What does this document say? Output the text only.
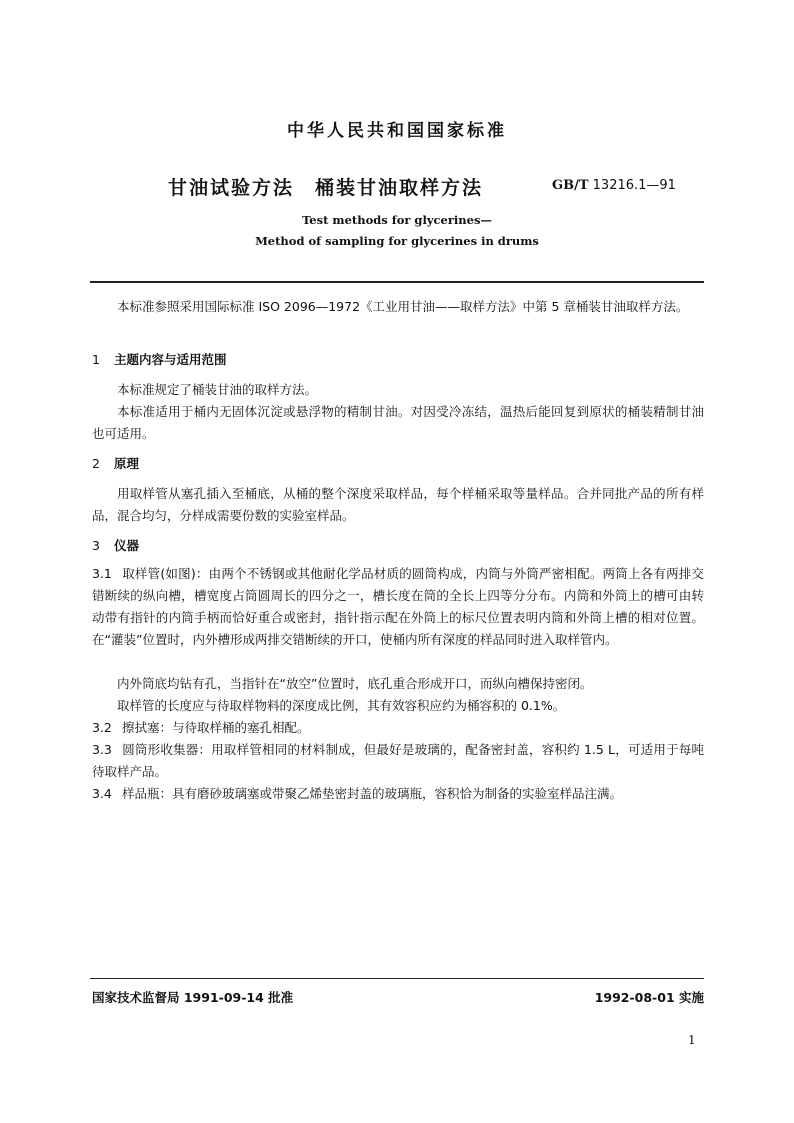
中华人民共和国国家标准
甘油试验方法　桶装甘油取样方法	GB/T 13216.1—91
Test methods for glycerines—
Method of sampling for glycerines in drums
本标准参照采用国际标准 ISO 2096—1972《工业用甘油——取样方法》中第 5 章桶装甘油取样方法。
1 主题内容与适用范围
本标准规定了桶装甘油的取样方法。
本标准适用于桶内无固体沉淀或悬浮物的精制甘油。对因受冷冻结，温热后能回复到原状的桶装精制甘油也可适用。
2 原理
用取样管从塞孔插入至桶底，从桶的整个深度采取样品，每个样桶采取等量样品。合并同批产品的所有样品，混合均匀，分样成需要份数的实验室样品。
3 仪器
3.1 取样管(如图)：由两个不锈钢或其他耐化学品材质的圆筒构成，内筒与外筒严密相配。两筒上各有两排交错断续的纵向槽，槽宽度占筒圆周长的四分之一，槽长度在筒的全长上四等分分布。内筒和外筒上的槽可由转动带有指针的内筒手柄而恰好重合或密封，指针指示配在外筒上的标尺位置表明内筒和外筒上槽的相对位置。在“灌装”位置时，内外槽形成两排交错断续的开口，使桶内所有深度的样品同时进入取样管内。
内外筒底均钻有孔，当指针在“放空”位置时，底孔重合形成开口，而纵向槽保持密闭。
取样管的长度应与待取样物料的深度成比例，其有效容积应约为桶容积的 0.1%。
3.2 擦拭塞：与待取样桶的塞孔相配。
3.3 圆筒形收集器：用取样管相同的材料制成，但最好是玻璃的，配备密封盖，容积约 1.5 L，可适用于每吨待取样产品。
3.4 样品瓶：具有磨砂玻璃塞或带聚乙烯垫密封盖的玻璃瓶，容积恰为制备的实验室样品注满。
国家技术监督局 1991-09-14 批准	1992-08-01 实施
1
